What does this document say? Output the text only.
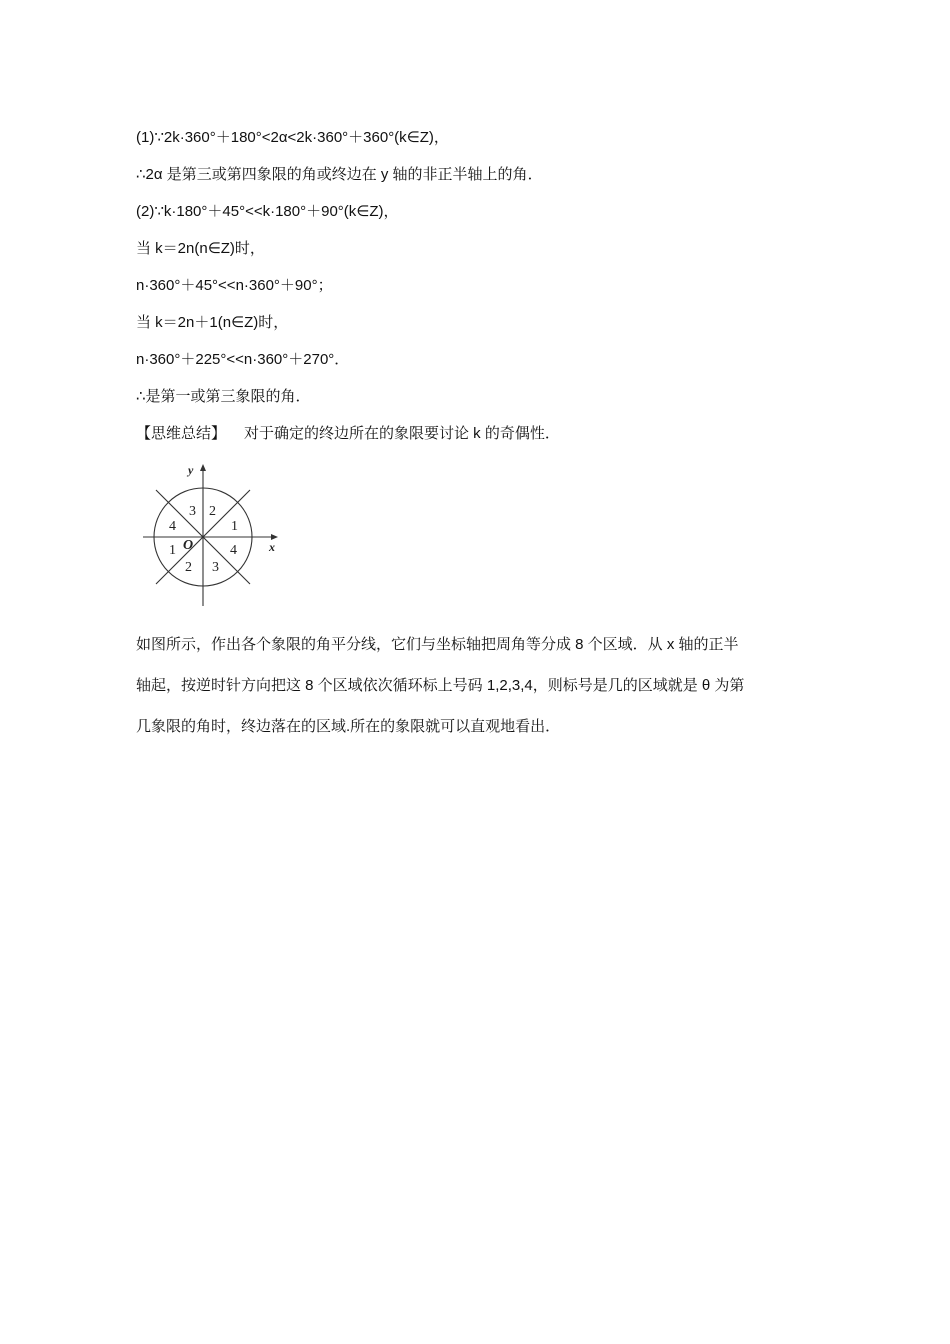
(1)∵2k·360°＋180°<2α<2k·360°＋360°(k∈Z)，
∴2α 是第三或第四象限的角或终边在 y 轴的非正半轴上的角．
(2)∵k·180°＋45°<<k·180°＋90°(k∈Z)，
当 k＝2n(n∈Z)时，
n·360°＋45°<<n·360°＋90°；
当 k＝2n＋1(n∈Z)时，
n·360°＋225°<<n·360°＋270°．
∴是第一或第三象限的角．
【思维总结】 对于确定的终边所在的象限要讨论 k 的奇偶性．
y
x
O
1
2
3
4
1
2 3
4
如图所示，作出各个象限的角平分线，它们与坐标轴把周角等分成 8 个区域．从 x 轴的正半
轴起，按逆时针方向把这 8 个区域依次循环标上号码 1,2,3,4，则标号是几的区域就是 θ 为第
几象限的角时，终边落在的区域.所在的象限就可以直观地看出．
